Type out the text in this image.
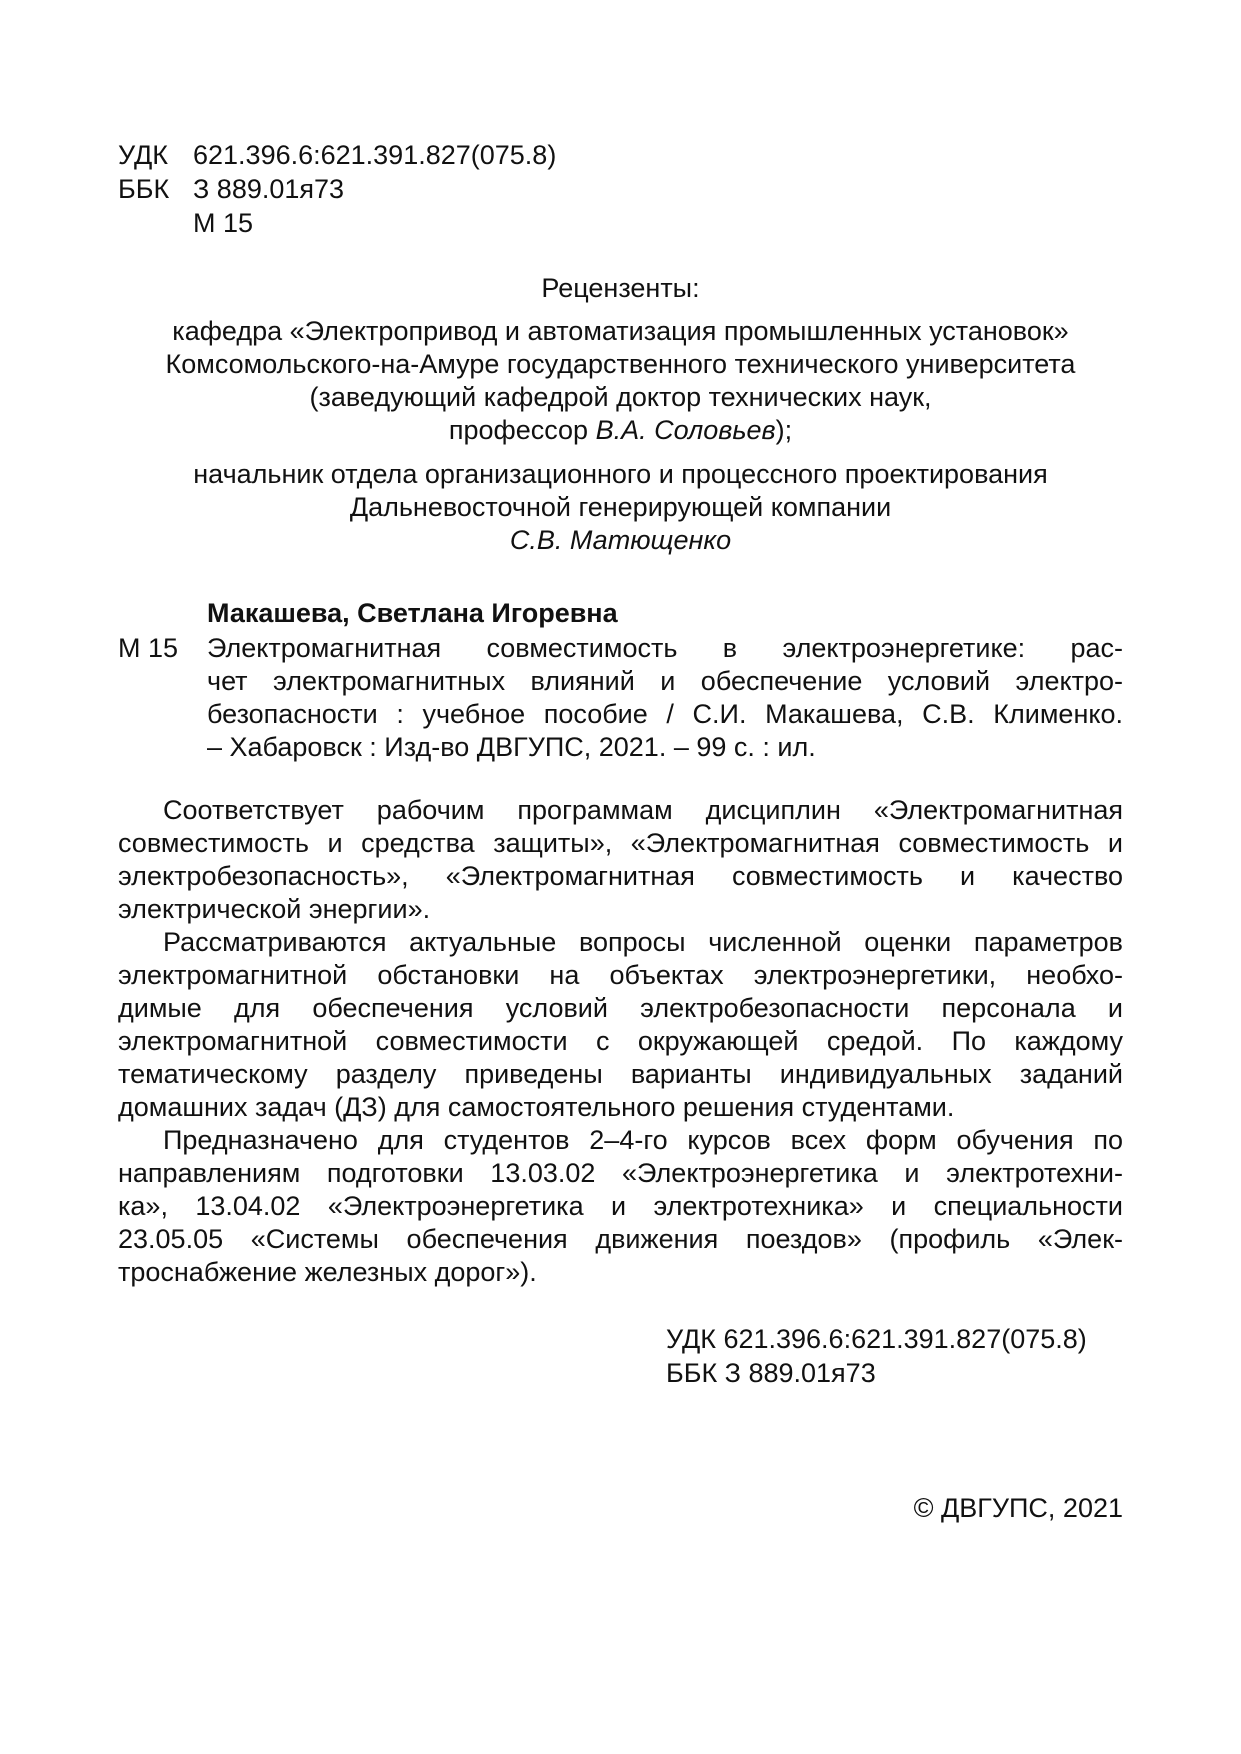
УДК 621.396.6:621.391.827(075.8)
ББК З 889.01я73
М 15
Рецензенты:
кафедра «Электропривод и автоматизация промышленных установок»
Комсомольского-на-Амуре государственного технического университета
(заведующий кафедрой доктор технических наук,
профессор В.А. Соловьев);
начальник отдела организационного и процессного проектирования
Дальневосточной генерирующей компании
С.В. Матющенко
Макашева, Светлана Игоревна
М 15 Электромагнитная совместимость в электроэнергетике: рас-
чет электромагнитных влияний и обеспечение условий электро-
безопасности : учебное пособие / С.И. Макашева, С.В. Клименко.
– Хабаровск : Изд-во ДВГУПС, 2021. – 99 с. : ил.
Соответствует рабочим программам дисциплин «Электромагнитная
совместимость и средства защиты», «Электромагнитная совместимость и
электробезопасность», «Электромагнитная совместимость и качество
электрической энергии».
Рассматриваются актуальные вопросы численной оценки параметров
электромагнитной обстановки на объектах электроэнергетики, необхо-
димые для обеспечения условий электробезопасности персонала и
электромагнитной совместимости с окружающей средой. По каждому
тематическому разделу приведены варианты индивидуальных заданий
домашних задач (ДЗ) для самостоятельного решения студентами.
Предназначено для студентов 2–4-го курсов всех форм обучения по
направлениям подготовки 13.03.02 «Электроэнергетика и электротехни-
ка», 13.04.02 «Электроэнергетика и электротехника» и специальности
23.05.05 «Системы обеспечения движения поездов» (профиль «Элек-
троснабжение железных дорог»).
УДК 621.396.6:621.391.827(075.8)
ББК З 889.01я73
© ДВГУПС, 2021
